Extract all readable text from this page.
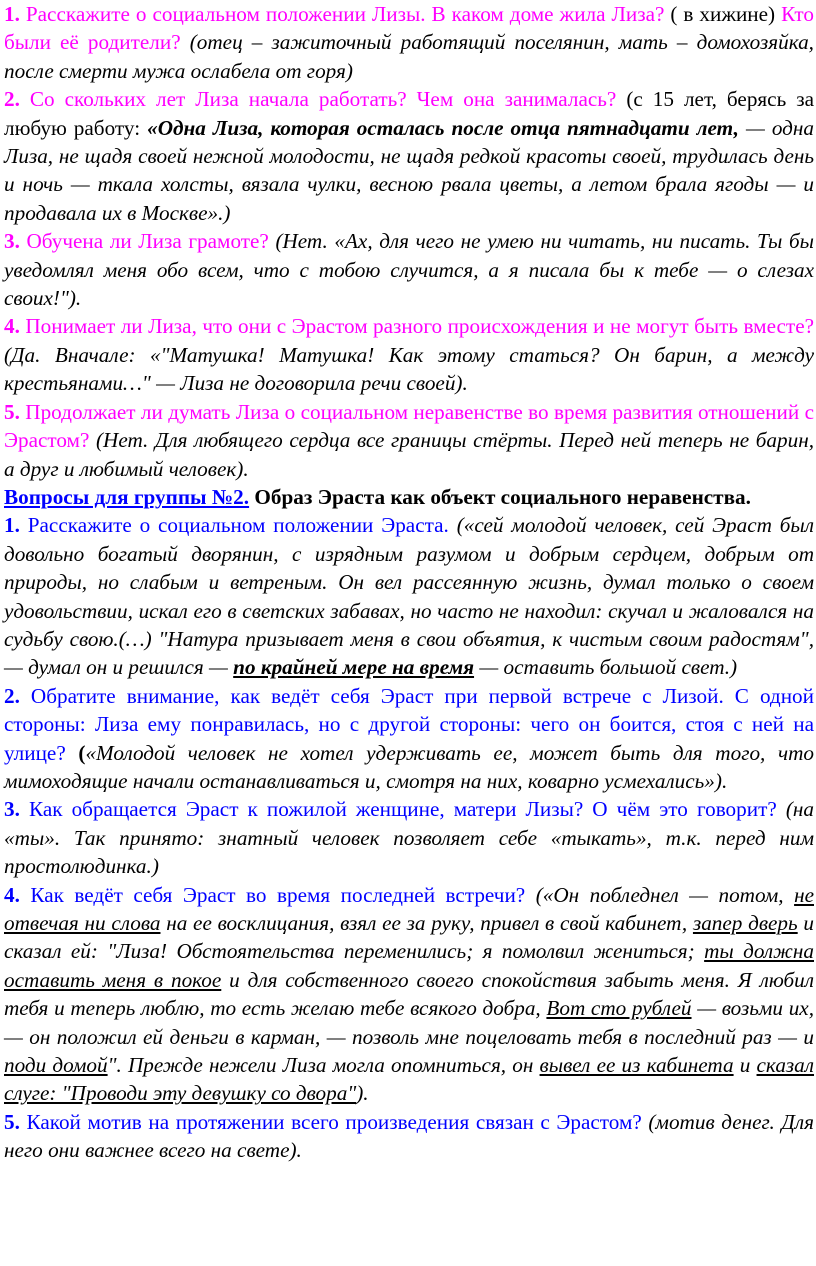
1. Расскажите о социальном положении Лизы. В каком доме жила Лиза? ( в хижине) Кто были её родители? (отец – зажиточный работящий поселянин, мать – домохозяйка, после смерти мужа ослабела от горя)

2. Со скольких лет Лиза начала работать? Чем она занималась? (с 15 лет, берясь за любую работу: «Одна Лиза, которая осталась после отца пятнадцати лет, — одна Лиза, не щадя своей нежной молодости, не щадя редкой красоты своей, трудилась день и ночь — ткала холсты, вязала чулки, весною рвала цветы, а летом брала ягоды — и продавала их в Москве».)

3. Обучена ли Лиза грамоте? (Нет. «Ах, для чего не умею ни читать, ни писать. Ты бы уведомлял меня обо всем, что с тобою случится, а я писала бы к тебе — о слезах своих!").

4. Понимает ли Лиза, что они с Эрастом разного происхождения и не могут быть вместе? (Да. Вначале: «"Матушка! Матушка! Как этому статься? Он барин, а между крестьянами…" — Лиза не договорила речи своей).

5. Продолжает ли думать Лиза о социальном неравенстве во время развития отношений с Эрастом? (Нет. Для любящего сердца все границы стёрты. Перед ней теперь не барин, а друг и любимый человек).

Вопросы для группы №2. Образ Эраста как объект социального неравенства.

1. Расскажите о социальном положении Эраста. («сей молодой человек, сей Эраст был довольно богатый дворянин, с изрядным разумом и добрым сердцем, добрым от природы, но слабым и ветреным. Он вел рассеянную жизнь, думал только о своем удовольствии, искал его в светских забавах, но часто не находил: скучал и жаловался на судьбу свою.(…) "Натура призывает меня в свои объятия, к чистым своим радостям", — думал он и решился — по крайней мере на время — оставить большой свет.)

2. Обратите внимание, как ведёт себя Эраст при первой встрече с Лизой. С одной стороны: Лиза ему понравилась, но с другой стороны: чего он боится, стоя с ней на улице? («Молодой человек не хотел удерживать ее, может быть для того, что мимоходящие начали останавливаться и, смотря на них, коварно усмехались»).

3. Как обращается Эраст к пожилой женщине, матери Лизы? О чём это говорит? (на «ты». Так принято: знатный человек позволяет себе «тыкать», т.к. перед ним простолюдинка.)

4. Как ведёт себя Эраст во время последней встречи? («Он побледнел — потом, не отвечая ни слова на ее восклицания, взял ее за руку, привел в свой кабинет, запер дверь и сказал ей: "Лиза! Обстоятельства переменились; я помолвил жениться; ты должна оставить меня в покое и для собственного своего спокойствия забыть меня. Я любил тебя и теперь люблю, то есть желаю тебе всякого добра, Вот сто рублей — возьми их, — он положил ей деньги в карман, — позволь мне поцеловать тебя в последний раз — и поди домой". Прежде нежели Лиза могла опомниться, он вывел ее из кабинета и сказал слуге: "Проводи эту девушку со двора").

5. Какой мотив на протяжении всего произведения связан с Эрастом? (мотив денег. Для него они важнее всего на свете).
